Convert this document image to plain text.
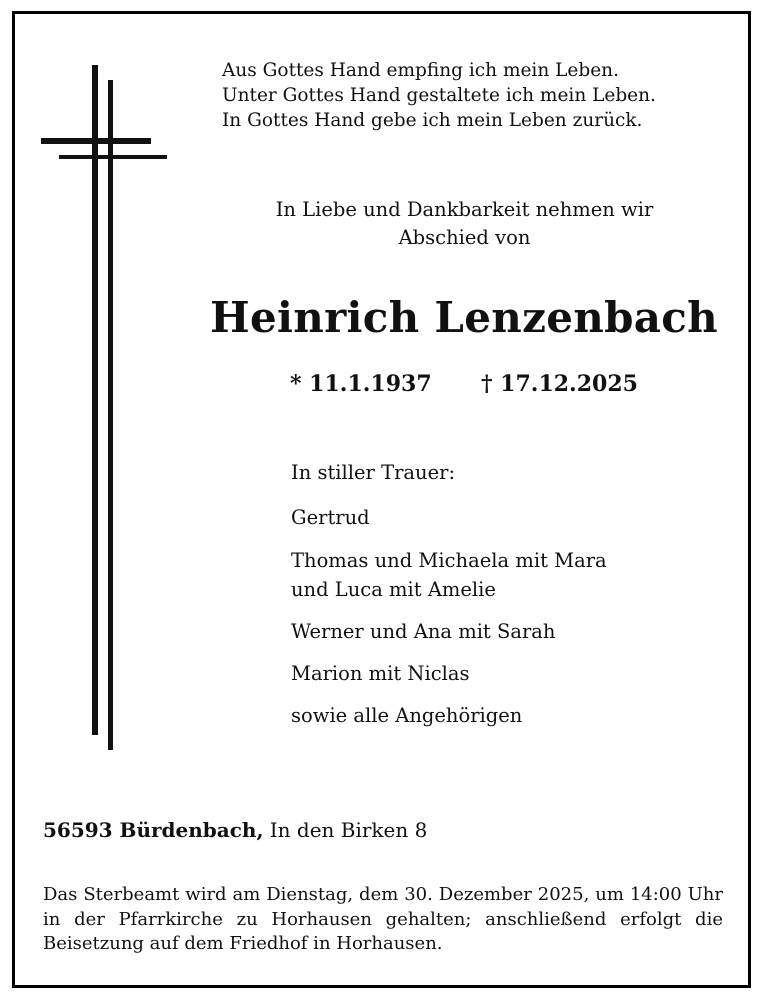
Aus Gottes Hand empfing ich mein Leben.
Unter Gottes Hand gestaltete ich mein Leben.
In Gottes Hand gebe ich mein Leben zurück.
In Liebe und Dankbarkeit nehmen wir
Abschied von
Heinrich Lenzenbach
* 11.1.1937 † 17.12.2025
In stiller Trauer:
Gertrud
Thomas und Michaela mit Mara
und Luca mit Amelie
Werner und Ana mit Sarah
Marion mit Niclas
sowie alle Angehörigen
56593 Bürdenbach, In den Birken 8
Das Sterbeamt wird am Dienstag, dem 30. Dezember 2025, um 14:00 Uhr in der Pfarrkirche zu Horhausen gehalten; anschließend erfolgt die Beisetzung auf dem Friedhof in Horhausen.
